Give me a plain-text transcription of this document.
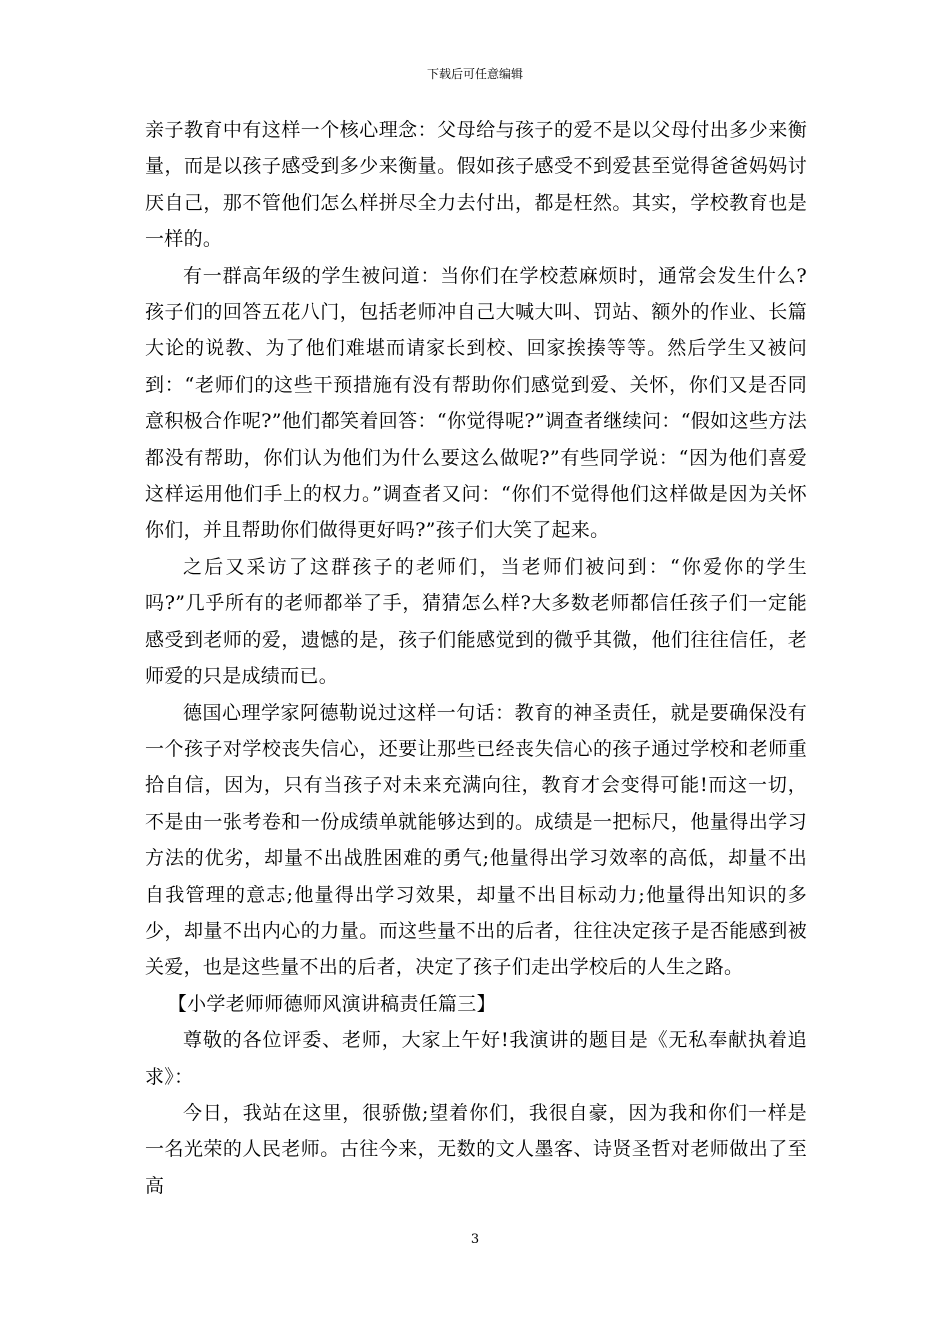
下载后可任意编辑

亲子教育中有这样一个核心理念：父母给与孩子的爱不是以父母付出多少来衡量，而是以孩子感受到多少来衡量。假如孩子感受不到爱甚至觉得爸爸妈妈讨厌自己，那不管他们怎么样拼尽全力去付出，都是枉然。其实，学校教育也是一样的。

有一群高年级的学生被问道：当你们在学校惹麻烦时，通常会发生什么?孩子们的回答五花八门，包括老师冲自己大喊大叫、罚站、额外的作业、长篇大论的说教、为了他们难堪而请家长到校、回家挨揍等等。然后学生又被问到：“老师们的这些干预措施有没有帮助你们感觉到爱、关怀，你们又是否同意积极合作呢?”他们都笑着回答：“你觉得呢?”调查者继续问：“假如这些方法都没有帮助，你们认为他们为什么要这么做呢?”有些同学说：“因为他们喜爱这样运用他们手上的权力。”调查者又问：“你们不觉得他们这样做是因为关怀你们，并且帮助你们做得更好吗?”孩子们大笑了起来。

之后又采访了这群孩子的老师们，当老师们被问到：“你爱你的学生吗?”几乎所有的老师都举了手，猜猜怎么样?大多数老师都信任孩子们一定能感受到老师的爱，遗憾的是，孩子们能感觉到的微乎其微，他们往往信任，老师爱的只是成绩而已。

德国心理学家阿德勒说过这样一句话：教育的神圣责任，就是要确保没有一个孩子对学校丧失信心，还要让那些已经丧失信心的孩子通过学校和老师重拾自信，因为，只有当孩子对未来充满向往，教育才会变得可能!而这一切，不是由一张考卷和一份成绩单就能够达到的。成绩是一把标尺，他量得出学习方法的优劣，却量不出战胜困难的勇气;他量得出学习效率的高低，却量不出自我管理的意志;他量得出学习效果，却量不出目标动力;他量得出知识的多少，却量不出内心的力量。而这些量不出的后者，往往决定孩子是否能感到被关爱，也是这些量不出的后者，决定了孩子们走出学校后的人生之路。

【小学老师师德师风演讲稿责任篇三】

尊敬的各位评委、老师，大家上午好!我演讲的题目是《无私奉献执着追求》：

今日，我站在这里，很骄傲;望着你们，我很自豪，因为我和你们一样是一名光荣的人民老师。古往今来，无数的文人墨客、诗贤圣哲对老师做出了至高

3
